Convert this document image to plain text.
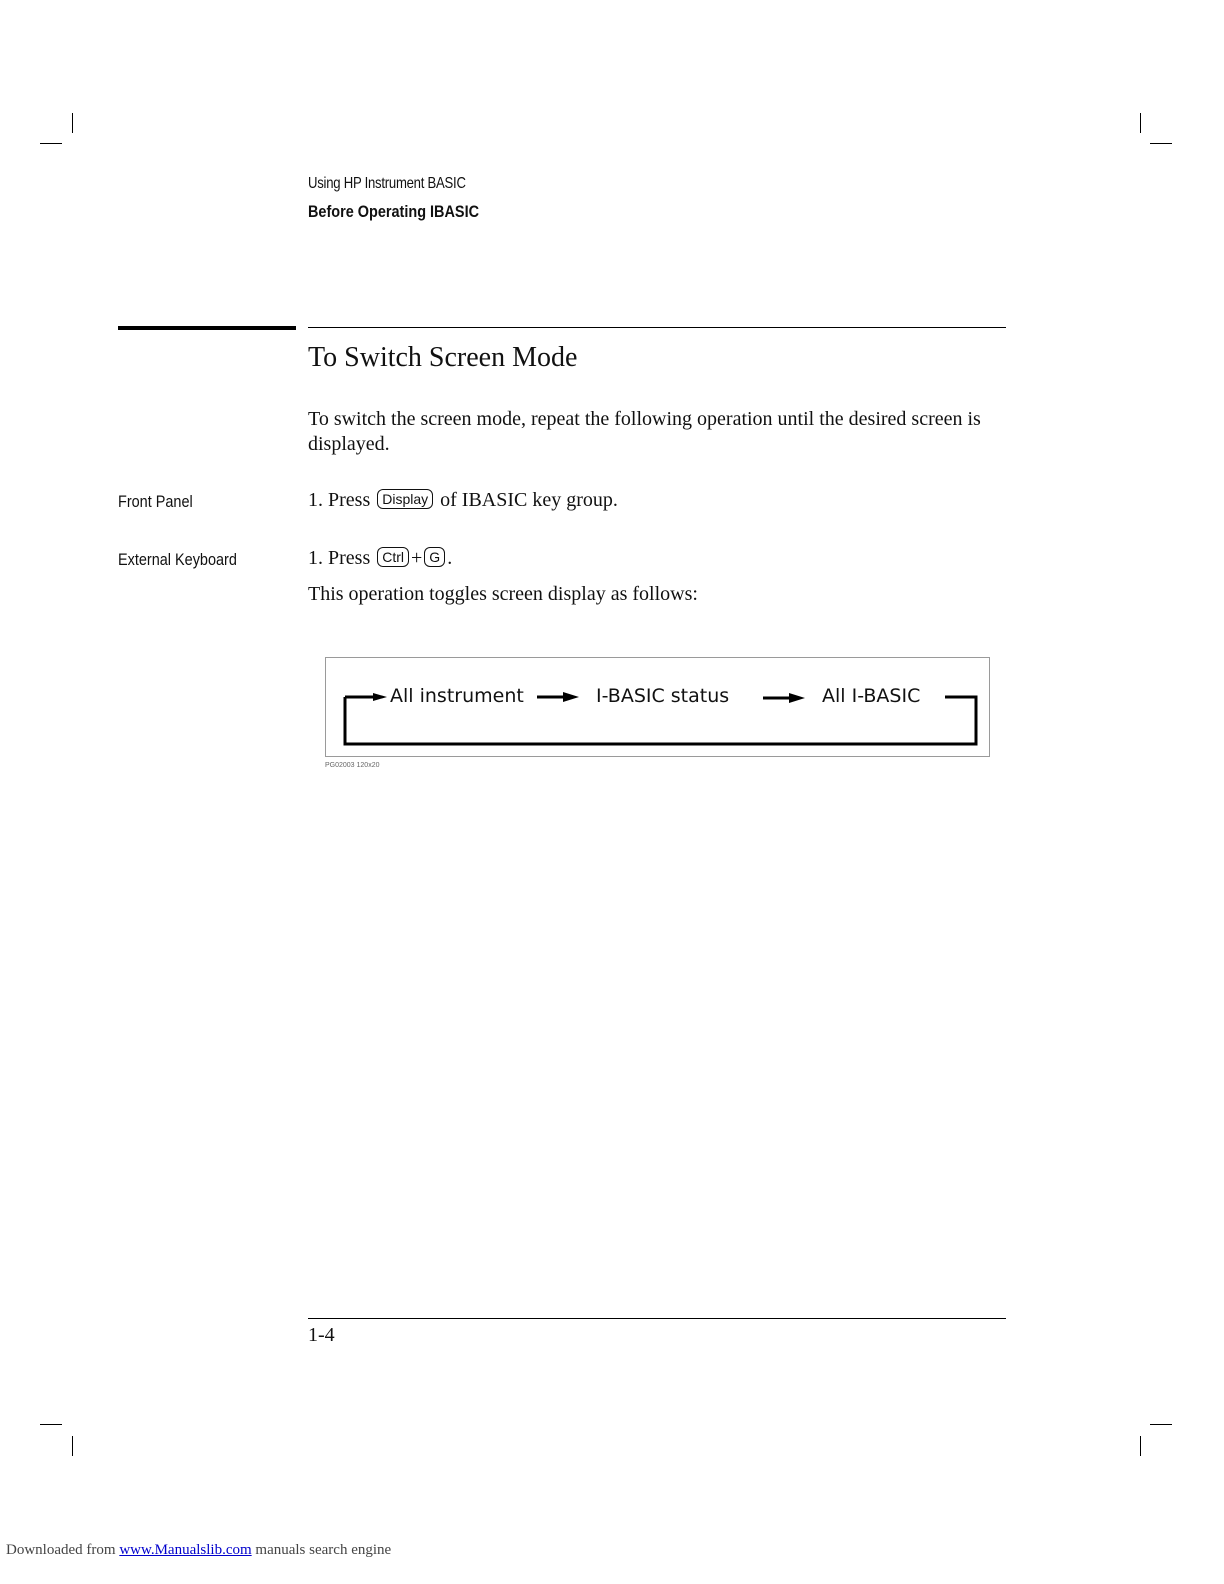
Using HP Instrument BASIC
Before Operating IBASIC
To Switch Screen Mode
To switch the screen mode, repeat the following operation until the desired screen is displayed.
Front Panel	1. Press Display of IBASIC key group.
External Keyboard	1. Press Ctrl + G .
This operation toggles screen display as follows:
All instrument	I-BASIC status	All I-BASIC
PG02003 120x20
1-4
Downloaded from www.Manualslib.com manuals search engine
